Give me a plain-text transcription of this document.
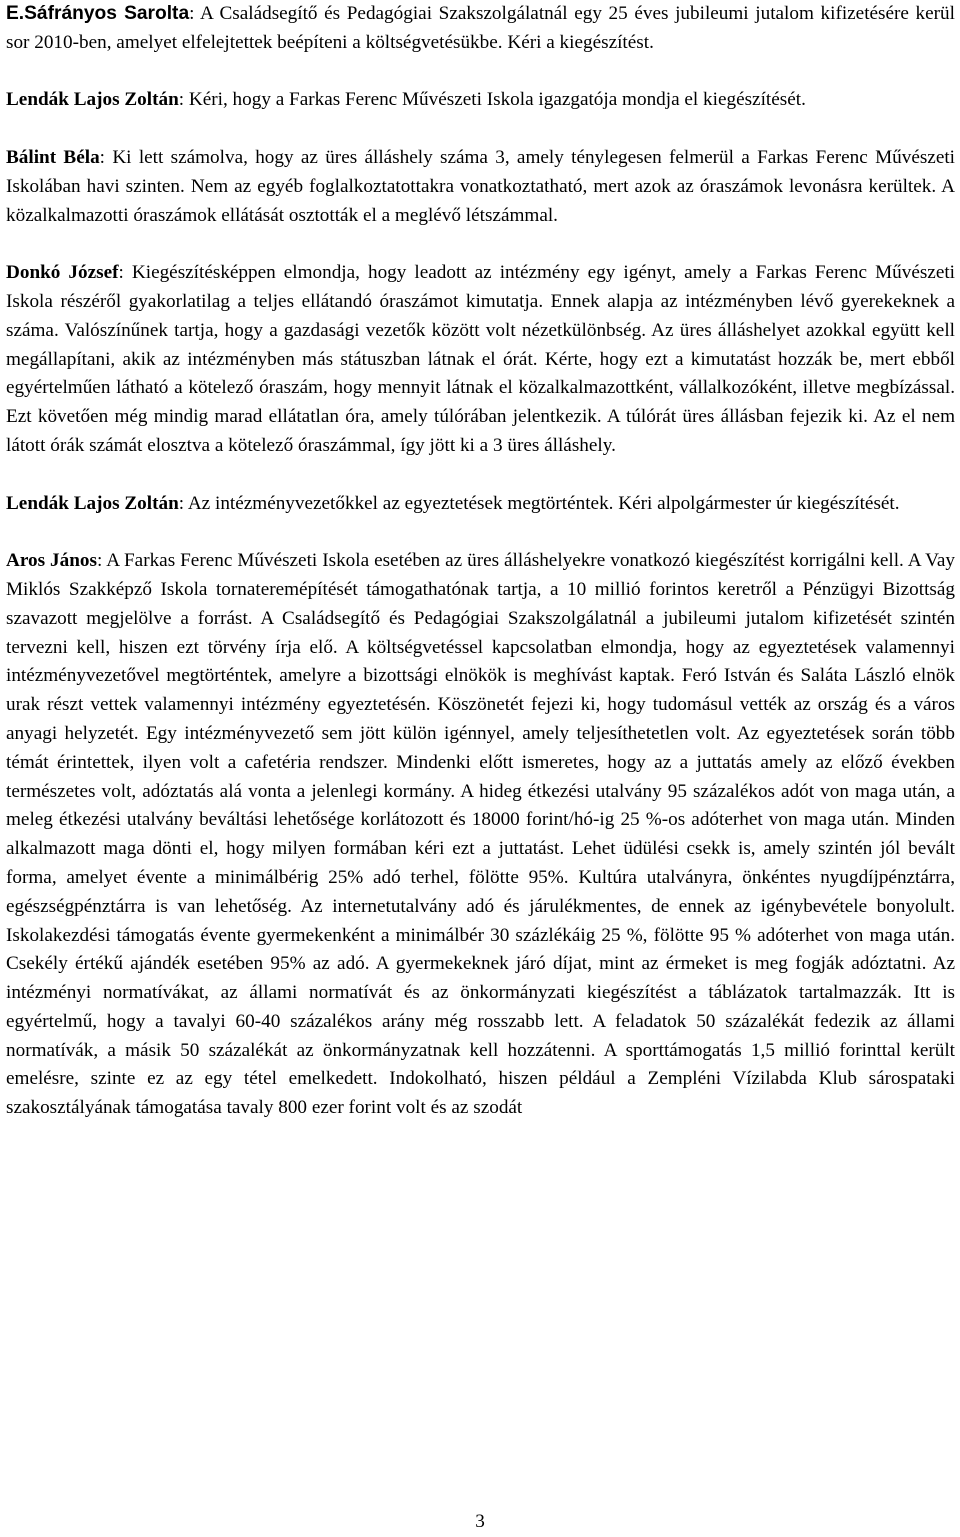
E.Sáfrányos Sarolta: A Családsegítő és Pedagógiai Szakszolgálatnál egy 25 éves jubileumi jutalom kifizetésére kerül sor 2010-ben, amelyet elfelejtettek beépíteni a költségvetésükbe. Kéri a kiegészítést.

Lendák Lajos Zoltán: Kéri, hogy a Farkas Ferenc Művészeti Iskola igazgatója mondja el kiegészítését.

Bálint Béla: Ki lett számolva, hogy az üres álláshely száma 3, amely ténylegesen felmerül a Farkas Ferenc Művészeti Iskolában havi szinten. Nem az egyéb foglalkoztatottakra vonatkoztatható, mert azok az óraszámok levonásra kerültek. A közalkalmazotti óraszámok ellátását osztották el a meglévő létszámmal.

Donkó József: Kiegészítésképpen elmondja, hogy leadott az intézmény egy igényt, amely a Farkas Ferenc Művészeti Iskola részéről gyakorlatilag a teljes ellátandó óraszámot kimutatja. Ennek alapja az intézményben lévő gyerekeknek a száma. Valószínűnek tartja, hogy a gazdasági vezetők között volt nézetkülönbség. Az üres álláshelyet azokkal együtt kell megállapítani, akik az intézményben más státuszban látnak el órát. Kérte, hogy ezt a kimutatást hozzák be, mert ebből egyértelműen látható a kötelező óraszám, hogy mennyit látnak el közalkalmazottként, vállalkozóként, illetve megbízással. Ezt követően még mindig marad ellátatlan óra, amely túlórában jelentkezik. A túlórát üres állásban fejezik ki. Az el nem látott órák számát elosztva a kötelező óraszámmal, így jött ki a 3 üres álláshely.

Lendák Lajos Zoltán: Az intézményvezetőkkel az egyeztetések megtörténtek. Kéri alpolgármester úr kiegészítését.

Aros János: A Farkas Ferenc Művészeti Iskola esetében az üres álláshelyekre vonatkozó kiegészítést korrigálni kell. A Vay Miklós Szakképző Iskola tornateremépítését támogathatónak tartja, a 10 millió forintos keretről a Pénzügyi Bizottság szavazott megjelölve a forrást. A Családsegítő és Pedagógiai Szakszolgálatnál a jubileumi jutalom kifizetését szintén tervezni kell, hiszen ezt törvény írja elő. A költségvetéssel kapcsolatban elmondja, hogy az egyeztetések valamennyi intézményvezetővel megtörténtek, amelyre a bizottsági elnökök is meghívást kaptak. Feró István és Saláta László elnök urak részt vettek valamennyi intézmény egyeztetésén. Köszönetét fejezi ki, hogy tudomásul vették az ország és a város anyagi helyzetét. Egy intézményvezető sem jött külön igénnyel, amely teljesíthetetlen volt. Az egyeztetések során több témát érintettek, ilyen volt a cafetéria rendszer. Mindenki előtt ismeretes, hogy az a juttatás amely az előző években természetes volt, adóztatás alá vonta a jelenlegi kormány. A hideg étkezési utalvány 95 százalékos adót von maga után, a meleg étkezési utalvány beváltási lehetősége korlátozott és 18000 forint/hó-ig 25 %-os adóterhet von maga után. Minden alkalmazott maga dönti el, hogy milyen formában kéri ezt a juttatást. Lehet üdülési csekk is, amely szintén jól bevált forma, amelyet évente a minimálbérig 25% adó terhel, fölötte 95%. Kultúra utalványra, önkéntes nyugdíjpénztárra, egészségpénztárra is van lehetőség. Az internetutalvány adó és járulékmentes, de ennek az igénybevétele bonyolult. Iskolakezdési támogatás évente gyermekenként a minimálbér 30 százlékáig 25 %, fölötte 95 % adóterhet von maga után. Csekély értékű ajándék esetében 95% az adó. A gyermekeknek járó díjat, mint az érmeket is meg fogják adóztatni. Az intézményi normatívákat, az állami normatívát és az önkormányzati kiegészítést a táblázatok tartalmazzák. Itt is egyértelmű, hogy a tavalyi 60-40 százalékos arány még rosszabb lett. A feladatok 50 százalékát fedezik az állami normatívák, a másik 50 százalékát az önkormányzatnak kell hozzátenni. A sporttámogatás 1,5 millió forinttal került emelésre, szinte ez az egy tétel emelkedett. Indokolható, hiszen például a Zempléni Vízilabda Klub sárospataki szakosztályának támogatása tavaly 800 ezer forint volt és az szodát

3
